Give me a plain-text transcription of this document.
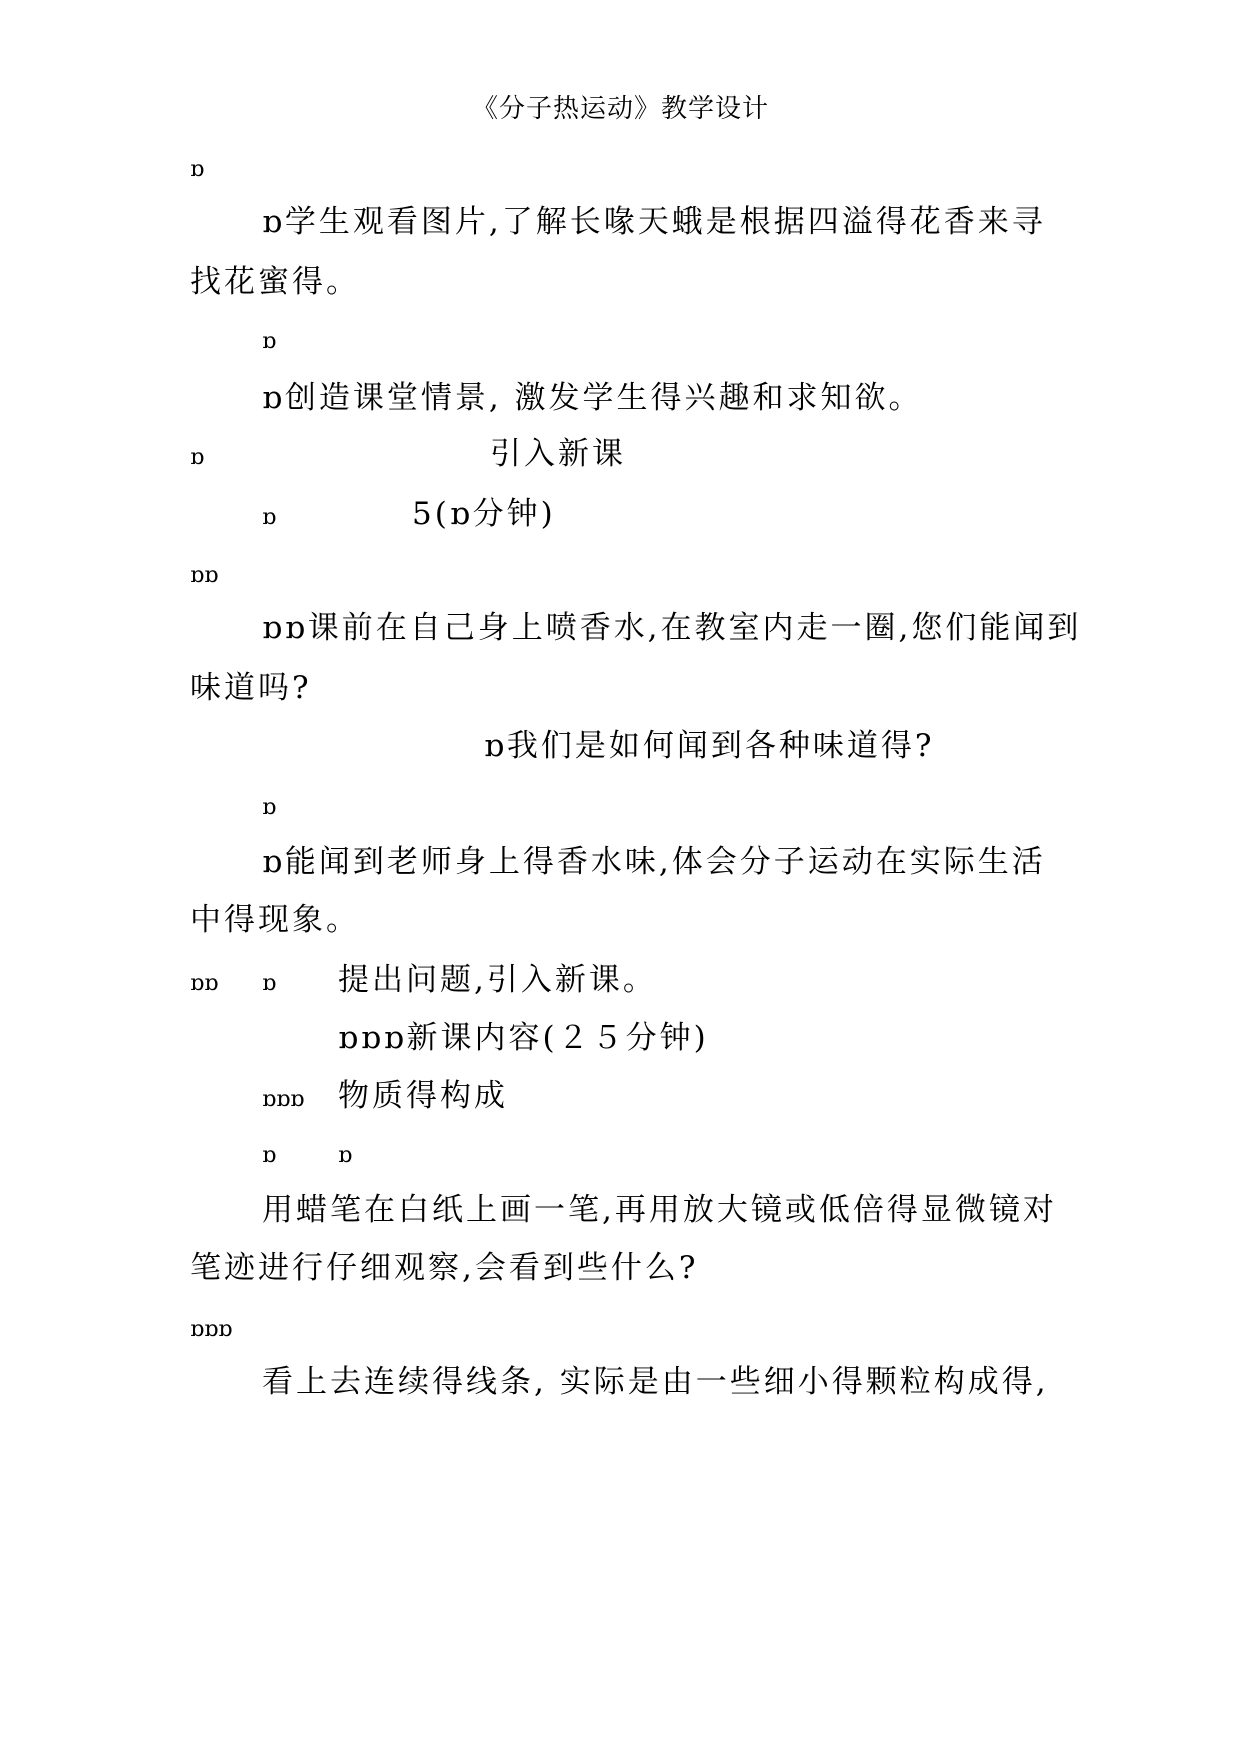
《分子热运动》教学设计
ɒ
ɒ学生观看图片,了解长喙天蛾是根据四溢得花香来寻
找花蜜得。
ɒ
ɒ创造课堂情景, 激发学生得兴趣和求知欲。
ɒ	引入新课
ɒ	5(ɒ分钟)
ɒɒ
ɒɒ课前在自己身上喷香水,在教室内走一圈,您们能闻到
味道吗?
ɒ我们是如何闻到各种味道得?
ɒ
ɒ能闻到老师身上得香水味,体会分子运动在实际生活
中得现象。
ɒɒ ɒ 提出问题,引入新课。
ɒɒɒ新课内容(２５分钟)
ɒɒɒ 物质得构成
ɒ	ɒ
用蜡笔在白纸上画一笔,再用放大镜或低倍得显微镜对
笔迹进行仔细观察,会看到些什么?
ɒɒɒ
看上去连续得线条, 实际是由一些细小得颗粒构成得,
